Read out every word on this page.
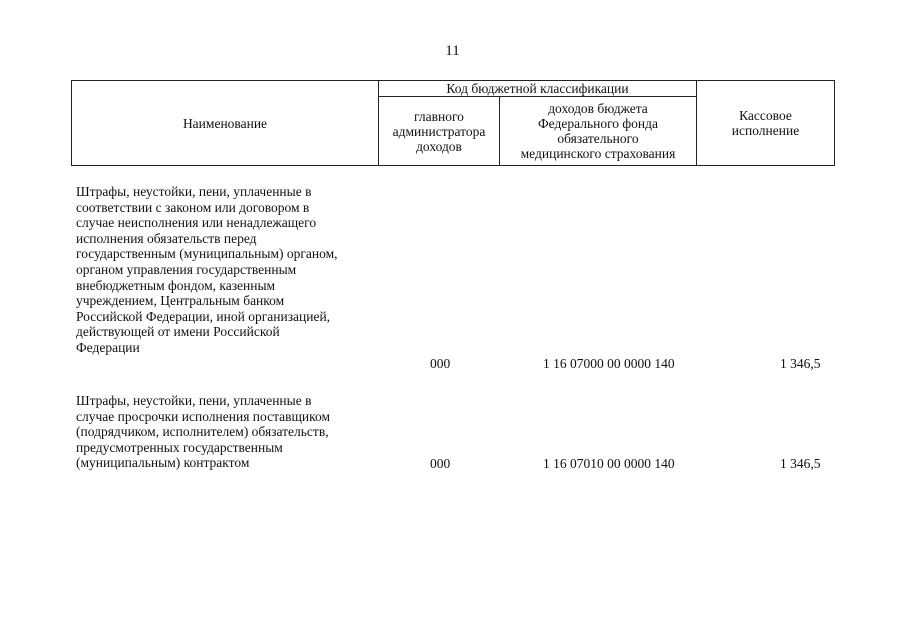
11
Наименование
Код бюджетной классификации
главного
администратора
доходов
доходов бюджета
Федерального фонда
обязательного
медицинского страхования
Кассовое
исполнение
Штрафы, неустойки, пени, уплаченные в
соответствии с законом или договором в
случае неисполнения или ненадлежащего
исполнения обязательств перед
государственным (муниципальным) органом,
органом управления государственным
внебюджетным фондом, казенным
учреждением, Центральным банком
Российской Федерации, иной организацией,
действующей от имени Российской
Федерации
000	1 16 07000 00 0000 140	1 346,5
Штрафы, неустойки, пени, уплаченные в
случае просрочки исполнения поставщиком
(подрядчиком, исполнителем) обязательств,
предусмотренных государственным
(муниципальным) контрактом	000	1 16 07010 00 0000 140	1 346,5
